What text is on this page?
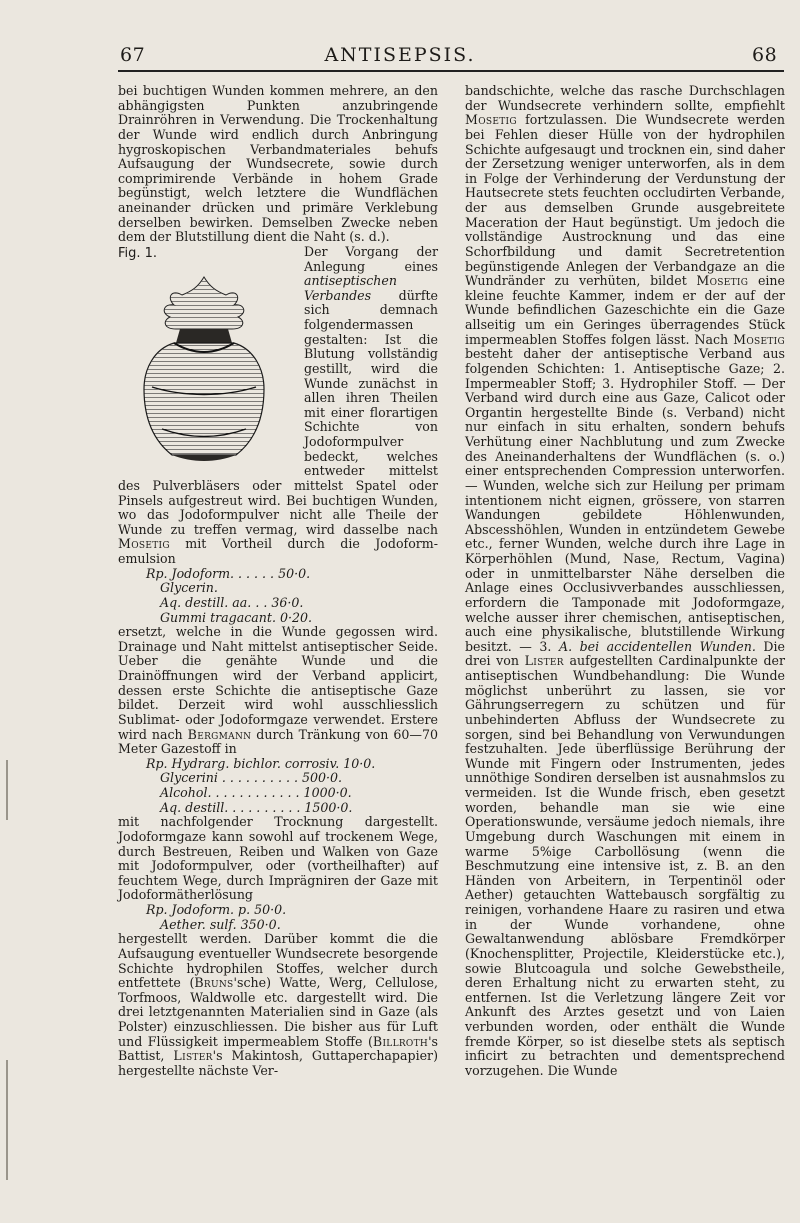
67	ANTISEPSIS.	68

bei buchtigen Wunden kommen mehrere, an den abhängigsten Punkten anzubringende Drainröhren in Verwendung. Die Trockenhaltung der Wunde wird endlich durch Anbringung hygroskopischen Verbandmateriales behufs Aufsaugung der Wundsecrete, sowie durch comprimirende Verbände in hohem Grade begünstigt, welch letztere die Wundflächen aneinander drücken und primäre Verklebung derselben bewirken. Demselben Zwecke neben dem der Blutstillung dient die Naht (s. d.).

Fig. 1.	Der Vorgang der Anlegung eines antiseptischen Verbandes dürfte sich demnach folgendermassen gestalten: Ist die Blutung vollständig gestillt, wird die Wunde zunächst in allen ihren Theilen mit einer florartigen Schichte von Jodoformpulver bedeckt, welches entweder mittelst des Pulverbläsers oder mittelst Spatel oder Pinsels aufgestreut wird. Bei buchtigen Wunden, wo das Jodoformpulver nicht alle Theile der Wunde zu treffen vermag, wird dasselbe nach Mosetig mit Vortheil durch die Jodoform-emulsion

Rp. Jodoform. . . . . . 50·0.

Glycerin.

Aq. destill. aa. . . 36·0.

Gummi tragacant. 0·20.

ersetzt, welche in die Wunde gegossen wird. Drainage und Naht mittelst antiseptischer Seide. Ueber die genähte Wunde und die Drainöffnungen wird der Verband applicirt, dessen erste Schichte die antiseptische Gaze bildet. Derzeit wird wohl ausschliesslich Sublimat- oder Jodoformgaze verwendet. Erstere wird nach Bergmann durch Tränkung von 60—70 Meter Gazestoff in

Rp. Hydrarg. bichlor. corrosiv. 10·0.

Glycerini . . . . . . . . . . 500·0.

Alcohol. . . . . . . . . . . . 1000·0.

Aq. destill. . . . . . . . . . 1500·0.

mit nachfolgender Trocknung dargestellt. Jodoformgaze kann sowohl auf trockenem Wege, durch Bestreuen, Reiben und Walken von Gaze mit Jodoformpulver, oder (vortheilhafter) auf feuchtem Wege, durch Imprägniren der Gaze mit Jodoformätherlösung

Rp. Jodoform. p. 50·0.

Aether. sulf. 350·0.

hergestellt werden. Darüber kommt die die Aufsaugung eventueller Wundsecrete besorgende Schichte hydrophilen Stoffes, welcher durch entfettete (Bruns'sche) Watte, Werg, Cellulose, Torfmoos, Waldwolle etc. dargestellt wird. Die drei letztgenannten Materialien sind in Gaze (als Polster) einzuschliessen. Die bisher aus für Luft und Flüssigkeit impermeablem Stoffe (Billroth's Battist, Lister's Makintosh, Guttaperchapapier) hergestellte nächste Ver-

bandschichte, welche das rasche Durchschlagen der Wundsecrete verhindern sollte, empfiehlt Mosetig fortzulassen. Die Wundsecrete werden bei Fehlen dieser Hülle von der hydrophilen Schichte aufgesaugt und trocknen ein, sind daher der Zersetzung weniger unterworfen, als in dem in Folge der Verhinderung der Verdunstung der Hautsecrete stets feuchten occludirten Verbande, der aus demselben Grunde ausgebreitete Maceration der Haut begünstigt. Um jedoch die vollständige Austrocknung und das eine Schorfbildung und damit Secretretention begünstigende Anlegen der Verbandgaze an die Wundränder zu verhüten, bildet Mosetig eine kleine feuchte Kammer, indem er der auf der Wunde befindlichen Gazeschichte ein die Gaze allseitig um ein Geringes überragendes Stück impermeablen Stoffes folgen lässt. Nach Mosetig besteht daher der antiseptische Verband aus folgenden Schichten: 1. Antiseptische Gaze; 2. Impermeabler Stoff; 3. Hydrophiler Stoff. — Der Verband wird durch eine aus Gaze, Calicot oder Organtin hergestellte Binde (s. Verband) nicht nur einfach in situ erhalten, sondern behufs Verhütung einer Nachblutung und zum Zwecke des Aneinanderhaltens der Wundflächen (s. o.) einer entsprechenden Compression unterworfen. — Wunden, welche sich zur Heilung per primam intentionem nicht eignen, grössere, von starren Wandungen gebildete Höhlenwunden, Abscesshöhlen, Wunden in entzündetem Gewebe etc., ferner Wunden, welche durch ihre Lage in Körperhöhlen (Mund, Nase, Rectum, Vagina) oder in unmittelbarster Nähe derselben die Anlage eines Occlusivverbandes ausschliessen, erfordern die Tamponade mit Jodoformgaze, welche ausser ihrer chemischen, antiseptischen, auch eine physikalische, blutstillende Wirkung besitzt. — 3. A. bei accidentellen Wunden. Die drei von Lister aufgestellten Cardinalpunkte der antiseptischen Wundbehandlung: Die Wunde möglichst unberührt zu lassen, sie vor Gährungserregern zu schützen und für unbehinderten Abfluss der Wundsecrete zu sorgen, sind bei Behandlung von Verwundungen festzuhalten. Jede überflüssige Berührung der Wunde mit Fingern oder Instrumenten, jedes unnöthige Sondiren derselben ist ausnahmslos zu vermeiden. Ist die Wunde frisch, eben gesetzt worden, behandle man sie wie eine Operationswunde, versäume jedoch niemals, ihre Umgebung durch Waschungen mit einem in warme 5%ige Carbollösung (wenn die Beschmutzung eine intensive ist, z. B. an den Händen von Arbeitern, in Terpentinöl oder Aether) getauchten Wattebausch sorgfältig zu reinigen, vorhandene Haare zu rasiren und etwa in der Wunde vorhandene, ohne Gewaltanwendung ablösbare Fremdkörper (Knochensplitter, Projectile, Kleiderstücke etc.), sowie Blutcoagula und solche Gewebstheile, deren Erhaltung nicht zu erwarten steht, zu entfernen. Ist die Verletzung längere Zeit vor Ankunft des Arztes gesetzt und von Laien verbunden worden, oder enthält die Wunde fremde Körper, so ist dieselbe stets als septisch inficirt zu betrachten und dementsprechend vorzugehen. Die Wunde
